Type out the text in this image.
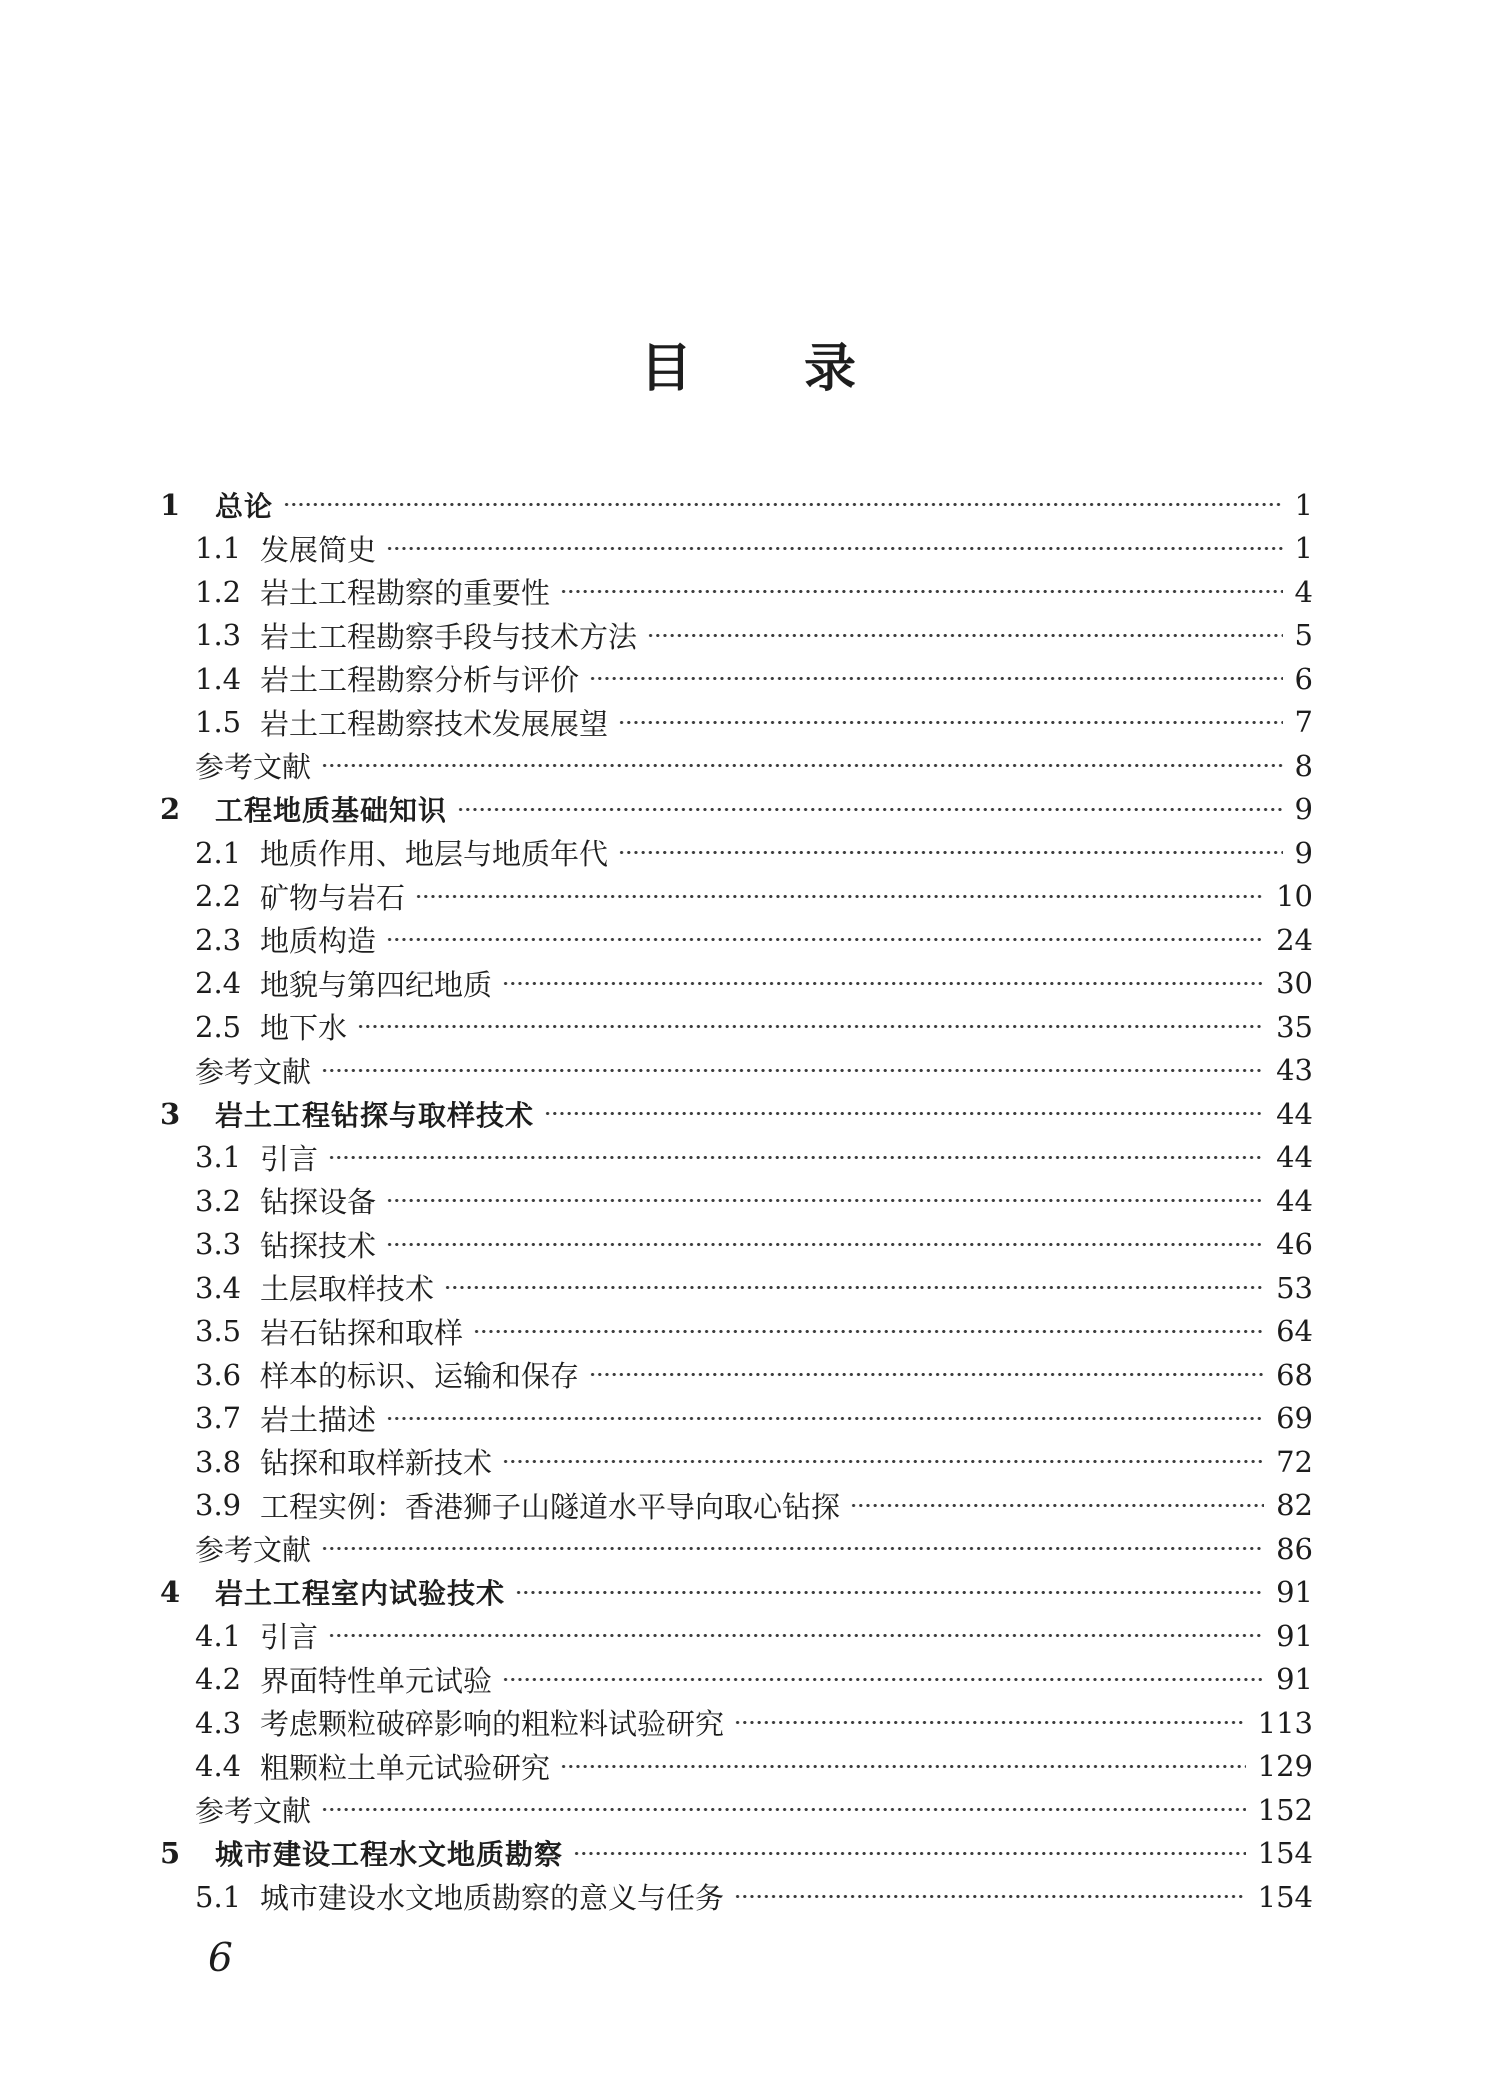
目 录
1	总论	1
1.1 发展简史	1
1.2 岩土工程勘察的重要性	4
1.3 岩土工程勘察手段与技术方法	5
1.4 岩土工程勘察分析与评价	6
1.5 岩土工程勘察技术发展展望	7
参考文献	8
2	工程地质基础知识	9
2.1 地质作用、地层与地质年代	9
2.2 矿物与岩石	10
2.3 地质构造	24
2.4 地貌与第四纪地质	30
2.5 地下水	35
参考文献	43
3	岩土工程钻探与取样技术	44
3.1 引言	44
3.2 钻探设备	44
3.3 钻探技术	46
3.4 土层取样技术	53
3.5 岩石钻探和取样	64
3.6 样本的标识、运输和保存	68
3.7 岩土描述	69
3.8 钻探和取样新技术	72
3.9 工程实例：香港狮子山隧道水平导向取心钻探	82
参考文献	86
4	岩土工程室内试验技术	91
4.1 引言	91
4.2 界面特性单元试验	91
4.3 考虑颗粒破碎影响的粗粒料试验研究	113
4.4 粗颗粒土单元试验研究	129
参考文献	152
5	城市建设工程水文地质勘察	154
5.1 城市建设水文地质勘察的意义与任务	154
6
